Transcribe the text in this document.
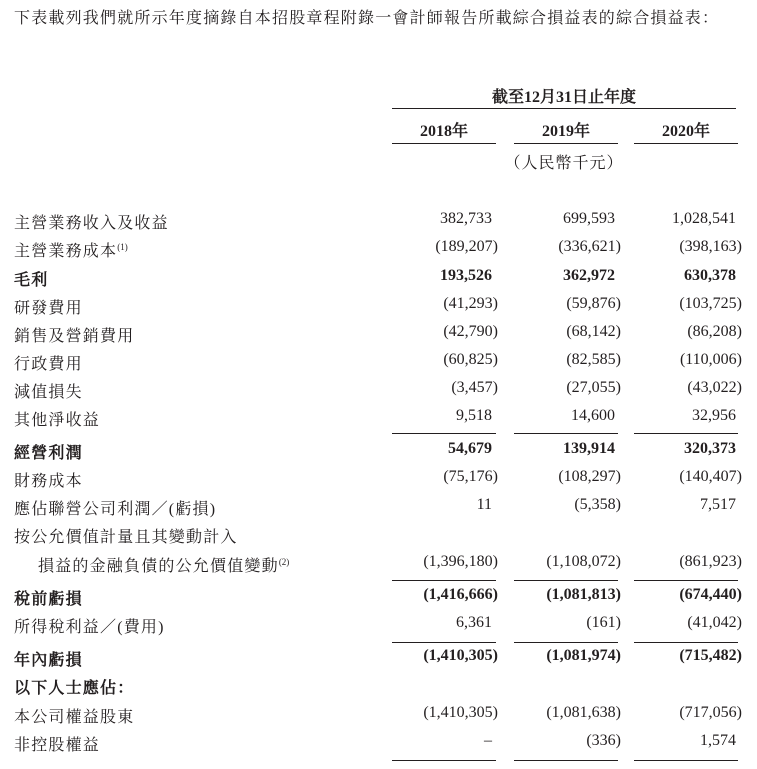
下表載列我們就所示年度摘錄自本招股章程附錄一會計師報告所載綜合損益表的綜合損益表：
截至12月31日止年度
2018年	2019年	2020年
（人民幣千元）
主營業務收入及收益	382,733	699,593	1,028,541
主營業務成本$^{(1)}$	(189,207)	(336,621)	(398,163)
毛利	193,526	362,972	630,378
研發費用	(41,293)	(59,876)	(103,725)
銷售及營銷費用	(42,790)	(68,142)	(86,208)
行政費用	(60,825)	(82,585)	(110,006)
減值損失	(3,457)	(27,055)	(43,022)
其他淨收益	9,518	14,600	32,956
經營利潤	54,679	139,914	320,373
財務成本	(75,176)	(108,297)	(140,407)
應佔聯營公司利潤／(虧損)	11	(5,358)	7,517
按公允價值計量且其變動計入
損益的金融負債的公允價值變動$^{(2)}$	(1,396,180)	(1,108,072)	(861,923)
稅前虧損	(1,416,666)	(1,081,813)	(674,440)
所得稅利益／(費用)	6,361	(161)	(41,042)
年內虧損	(1,410,305)	(1,081,974)	(715,482)
以下人士應佔：
本公司權益股東	(1,410,305)	(1,081,638)	(717,056)
非控股權益	–	(336)	1,574
